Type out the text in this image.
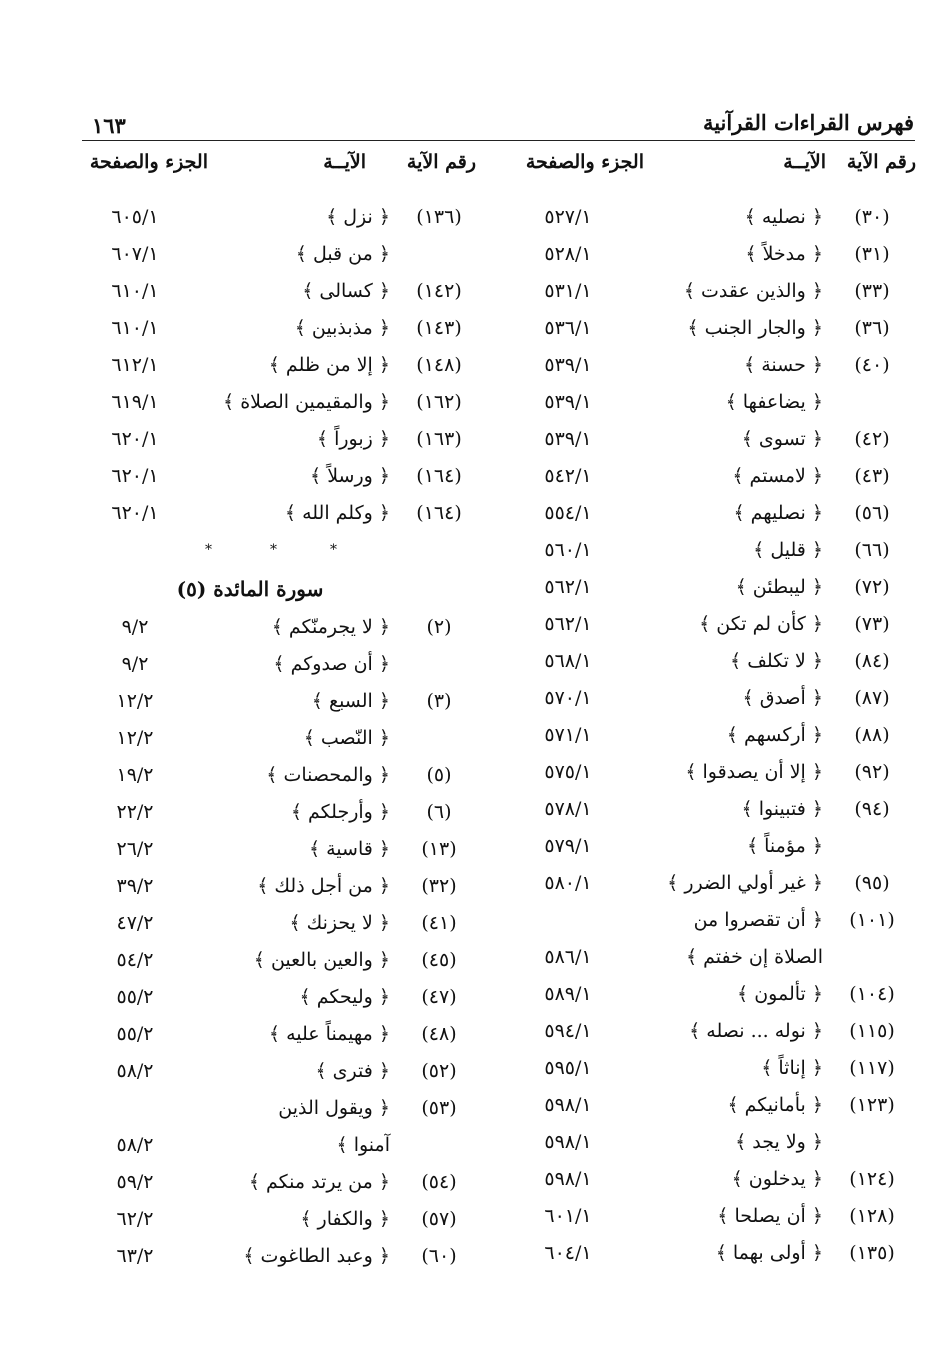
فهرس القراءات القرآنية
١٦٣
رقم الآية
الآيــة
الجزء والصفحة
رقم الآية
الآيــة
الجزء والصفحة
(٣٠)
﴿ نصليه ﴾
٥٢٧/١
(٣١)
﴿ مدخلاً ﴾
٥٢٨/١
(٣٣)
﴿ والذين عقدت ﴾
٥٣١/١
(٣٦)
﴿ والجار الجنب ﴾
٥٣٦/١
(٤٠)
﴿ حسنة ﴾
٥٣٩/١
﴿ يضاعفها ﴾
٥٣٩/١
(٤٢)
﴿ تسوى ﴾
٥٣٩/١
(٤٣)
﴿ لامستم ﴾
٥٤٢/١
(٥٦)
﴿ نصليهم ﴾
٥٥٤/١
(٦٦)
﴿ قليل ﴾
٥٦٠/١
(٧٢)
﴿ ليبطئن ﴾
٥٦٢/١
(٧٣)
﴿ كأن لم تكن ﴾
٥٦٢/١
(٨٤)
﴿ لا تكلف ﴾
٥٦٨/١
(٨٧)
﴿ أصدق ﴾
٥٧٠/١
(٨٨)
﴿ أركسهم ﴾
٥٧١/١
(٩٢)
﴿ إلا أن يصدقوا ﴾
٥٧٥/١
(٩٤)
﴿ فتبينوا ﴾
٥٧٨/١
﴿ مؤمناً ﴾
٥٧٩/١
(٩٥)
﴿ غير أولي الضرر ﴾
٥٨٠/١
(١٠١)
﴿ أن تقصروا من
الصلاة إن خفتم ﴾
٥٨٦/١
(١٠٤)
﴿ تألمون ﴾
٥٨٩/١
(١١٥)
﴿ نوله ... نصله ﴾
٥٩٤/١
(١١٧)
﴿ إناثاً ﴾
٥٩٥/١
(١٢٣)
﴿ بأمانيكم ﴾
٥٩٨/١
﴿ ولا يجد ﴾
٥٩٨/١
(١٢٤)
﴿ يدخلون ﴾
٥٩٨/١
(١٢٨)
﴿ أن يصلحا ﴾
٦٠١/١
(١٣٥)
﴿ أولى بهما ﴾
٦٠٤/١
(١٣٦)
﴿ نزل ﴾
٦٠٥/١
﴿ من قبل ﴾
٦٠٧/١
(١٤٢)
﴿ كسالى ﴾
٦١٠/١
(١٤٣)
﴿ مذبذبين ﴾
٦١٠/١
(١٤٨)
﴿ إلا من ظلم ﴾
٦١٢/١
(١٦٢)
﴿ والمقيمين الصلاة ﴾
٦١٩/١
(١٦٣)
﴿ زبوراً ﴾
٦٢٠/١
(١٦٤)
﴿ ورسلاً ﴾
٦٢٠/١
(١٦٤)
﴿ وكلم الله ﴾
٦٢٠/١
*	*	*
سورة المائدة (٥)
(٢)
﴿ لا يجرمنّكم ﴾
٩/٢
﴿ أن صدوكم ﴾
٩/٢
(٣)
﴿ السبع ﴾
١٢/٢
﴿ النّصب ﴾
١٢/٢
(٥)
﴿ والمحصنات ﴾
١٩/٢
(٦)
﴿ وأرجلكم ﴾
٢٢/٢
(١٣)
﴿ قاسية ﴾
٢٦/٢
(٣٢)
﴿ من أجل ذلك ﴾
٣٩/٢
(٤١)
﴿ لا يحزنك ﴾
٤٧/٢
(٤٥)
﴿ والعين بالعين ﴾
٥٤/٢
(٤٧)
﴿ وليحكم ﴾
٥٥/٢
(٤٨)
﴿ مهيمناً عليه ﴾
٥٥/٢
(٥٢)
﴿ فترى ﴾
٥٨/٢
(٥٣)
﴿ ويقول الذين
آمنوا ﴾
٥٨/٢
(٥٤)
﴿ من يرتد منكم ﴾
٥٩/٢
(٥٧)
﴿ والكفار ﴾
٦٢/٢
(٦٠)
﴿ وعبد الطاغوت ﴾
٦٣/٢
